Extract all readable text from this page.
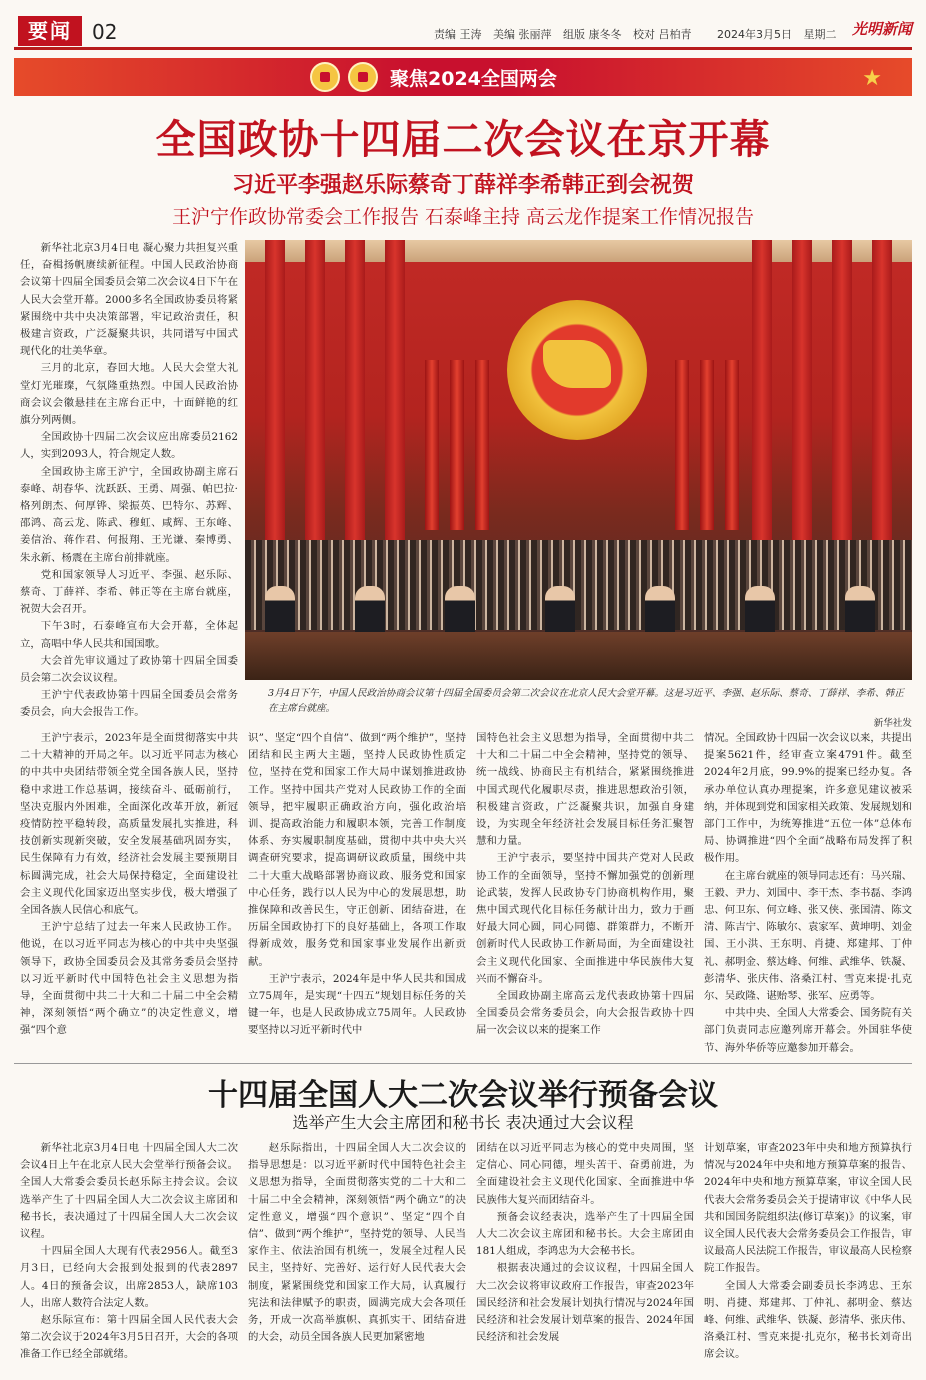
要闻	02	责编 王涛 美编 张丽萍 组版 康冬冬 校对 吕柏青 2024年3月5日 星期二	光明新闻
聚焦2024全国两会	★
全国政协十四届二次会议在京开幕
习近平李强赵乐际蔡奇丁薛祥李希韩正到会祝贺
王沪宁作政协常委会工作报告 石泰峰主持 高云龙作提案工作情况报告

新华社北京3月4日电 凝心聚力共担复兴重任，奋楫扬帆赓续新征程。中国人民政治协商会议第十四届全国委员会第二次会议4日下午在人民大会堂开幕。2000多名全国政协委员将紧紧围绕中共中央决策部署，牢记政治责任，积极建言资政，广泛凝聚共识，共同谱写中国式现代化的壮美华章。

三月的北京，春回大地。人民大会堂大礼堂灯光璀璨，气氛隆重热烈。中国人民政治协商会议会徽悬挂在主席台正中，十面鲜艳的红旗分列两侧。

全国政协十四届二次会议应出席委员2162人，实到2093人，符合规定人数。

全国政协主席王沪宁，全国政协副主席石泰峰、胡春华、沈跃跃、王勇、周强、帕巴拉·格列朗杰、何厚铧、梁振英、巴特尔、苏辉、邵鸿、高云龙、陈武、穆虹、咸辉、王东峰、姜信治、蒋作君、何报翔、王光谦、秦博勇、朱永新、杨震在主席台前排就座。

党和国家领导人习近平、李强、赵乐际、蔡奇、丁薛祥、李希、韩正等在主席台就座，祝贺大会召开。

下午3时，石泰峰宣布大会开幕，全体起立，高唱中华人民共和国国歌。

大会首先审议通过了政协第十四届全国委员会第二次会议议程。

王沪宁代表政协第十四届全国委员会常务委员会，向大会报告工作。

3月4日下午，中国人民政治协商会议第十四届全国委员会第二次会议在北京人民大会堂开幕。这是习近平、李强、赵乐际、蔡奇、丁薛祥、李希、韩正在主席台就座。
新华社发

王沪宁表示，2023年是全面贯彻落实中共二十大精神的开局之年。以习近平同志为核心的中共中央团结带领全党全国各族人民，坚持稳中求进工作总基调，接续奋斗、砥砺前行，坚决克服内外困难，全面深化改革开放，新冠疫情防控平稳转段，高质量发展扎实推进，科技创新实现新突破，安全发展基础巩固夯实，民生保障有力有效，经济社会发展主要预期目标圆满完成，社会大局保持稳定，全面建设社会主义现代化国家迈出坚实步伐，极大增强了全国各族人民信心和底气。

王沪宁总结了过去一年来人民政协工作。他说，在以习近平同志为核心的中共中央坚强领导下，政协全国委员会及其常务委员会坚持以习近平新时代中国特色社会主义思想为指导，全面贯彻中共二十大和二十届二中全会精神，深刻领悟“两个确立”的决定性意义，增强“四个意

识”、坚定“四个自信”、做到“两个维护”，坚持团结和民主两大主题，坚持人民政协性质定位，坚持在党和国家工作大局中谋划推进政协工作。坚持中国共产党对人民政协工作的全面领导，把牢履职正确政治方向，强化政治培训、提高政治能力和履职本领，完善工作制度体系、夯实履职制度基础，贯彻中共中央大兴调查研究要求，提高调研议政质量，围绕中共二十大重大战略部署协商议政、服务党和国家中心任务，践行以人民为中心的发展思想，助推保障和改善民生，守正创新、团结奋进，在历届全国政协打下的良好基础上，各项工作取得新成效，服务党和国家事业发展作出新贡献。

王沪宁表示，2024年是中华人民共和国成立75周年，是实现“十四五”规划目标任务的关键一年，也是人民政协成立75周年。人民政协要坚持以习近平新时代中

国特色社会主义思想为指导，全面贯彻中共二十大和二十届二中全会精神，坚持党的领导、统一战线、协商民主有机结合，紧紧围绕推进中国式现代化履职尽责，推进思想政治引领，积极建言资政，广泛凝聚共识，加强自身建设，为实现全年经济社会发展目标任务汇聚智慧和力量。

王沪宁表示，要坚持中国共产党对人民政协工作的全面领导，坚持不懈加强党的创新理论武装，发挥人民政协专门协商机构作用，聚焦中国式现代化目标任务献计出力，致力于画好最大同心圆，同心同德、群策群力，不断开创新时代人民政协工作新局面，为全面建设社会主义现代化国家、全面推进中华民族伟大复兴而不懈奋斗。

全国政协副主席高云龙代表政协第十四届全国委员会常务委员会，向大会报告政协十四届一次会议以来的提案工作

情况。全国政协十四届一次会议以来，共提出提案5621件，经审查立案4791件。截至2024年2月底，99.9%的提案已经办复。各承办单位认真办理提案，许多意见建议被采纳，并体现到党和国家相关政策、发展规划和部门工作中，为统筹推进“五位一体”总体布局、协调推进“四个全面”战略布局发挥了积极作用。

在主席台就座的领导同志还有：马兴瑞、王毅、尹力、刘国中、李干杰、李书磊、李鸿忠、何卫东、何立峰、张又侠、张国清、陈文清、陈吉宁、陈敏尔、袁家军、黄坤明、刘金国、王小洪、王东明、肖捷、郑建邦、丁仲礼、郝明金、蔡达峰、何维、武维华、铁凝、彭清华、张庆伟、洛桑江村、雪克来提·扎克尔、吴政隆、谌贻琴、张军、应勇等。

中共中央、全国人大常委会、国务院有关部门负责同志应邀列席开幕会。外国驻华使节、海外华侨等应邀参加开幕会。

十四届全国人大二次会议举行预备会议
选举产生大会主席团和秘书长 表决通过大会议程

新华社北京3月4日电 十四届全国人大二次会议4日上午在北京人民大会堂举行预备会议。全国人大常委会委员长赵乐际主持会议。会议选举产生了十四届全国人大二次会议主席团和秘书长，表决通过了十四届全国人大二次会议议程。

十四届全国人大现有代表2956人。截至3月3日，已经向大会报到处报到的代表2897人。4日的预备会议，出席2853人，缺席103人，出席人数符合法定人数。

赵乐际宣布：第十四届全国人民代表大会第二次会议于2024年3月5日召开，大会的各项准备工作已经全部就绪。

赵乐际指出，十四届全国人大二次会议的指导思想是：以习近平新时代中国特色社会主义思想为指导，全面贯彻落实党的二十大和二十届二中全会精神，深刻领悟“两个确立”的决定性意义，增强“四个意识”、坚定“四个自信”、做到“两个维护”，坚持党的领导、人民当家作主、依法治国有机统一，发展全过程人民民主，坚持好、完善好、运行好人民代表大会制度，紧紧围绕党和国家工作大局，认真履行宪法和法律赋予的职责，圆满完成大会各项任务，开成一次高举旗帜、真抓实干、团结奋进的大会，动员全国各族人民更加紧密地

团结在以习近平同志为核心的党中央周围，坚定信心、同心同德，埋头苦干、奋勇前进，为全面建设社会主义现代化国家、全面推进中华民族伟大复兴而团结奋斗。

预备会议经表决，选举产生了十四届全国人大二次会议主席团和秘书长。大会主席团由181人组成，李鸿忠为大会秘书长。

根据表决通过的会议议程，十四届全国人大二次会议将审议政府工作报告，审查2023年国民经济和社会发展计划执行情况与2024年国民经济和社会发展计划草案的报告、2024年国民经济和社会发展

计划草案，审查2023年中央和地方预算执行情况与2024年中央和地方预算草案的报告、2024年中央和地方预算草案，审议全国人民代表大会常务委员会关于提请审议《中华人民共和国国务院组织法(修订草案)》的议案，审议全国人民代表大会常务委员会工作报告，审议最高人民法院工作报告，审议最高人民检察院工作报告。

全国人大常委会副委员长李鸿忠、王东明、肖捷、郑建邦、丁仲礼、郝明金、蔡达峰、何维、武维华、铁凝、彭清华、张庆伟、洛桑江村、雪克来提·扎克尔，秘书长刘奇出席会议。
